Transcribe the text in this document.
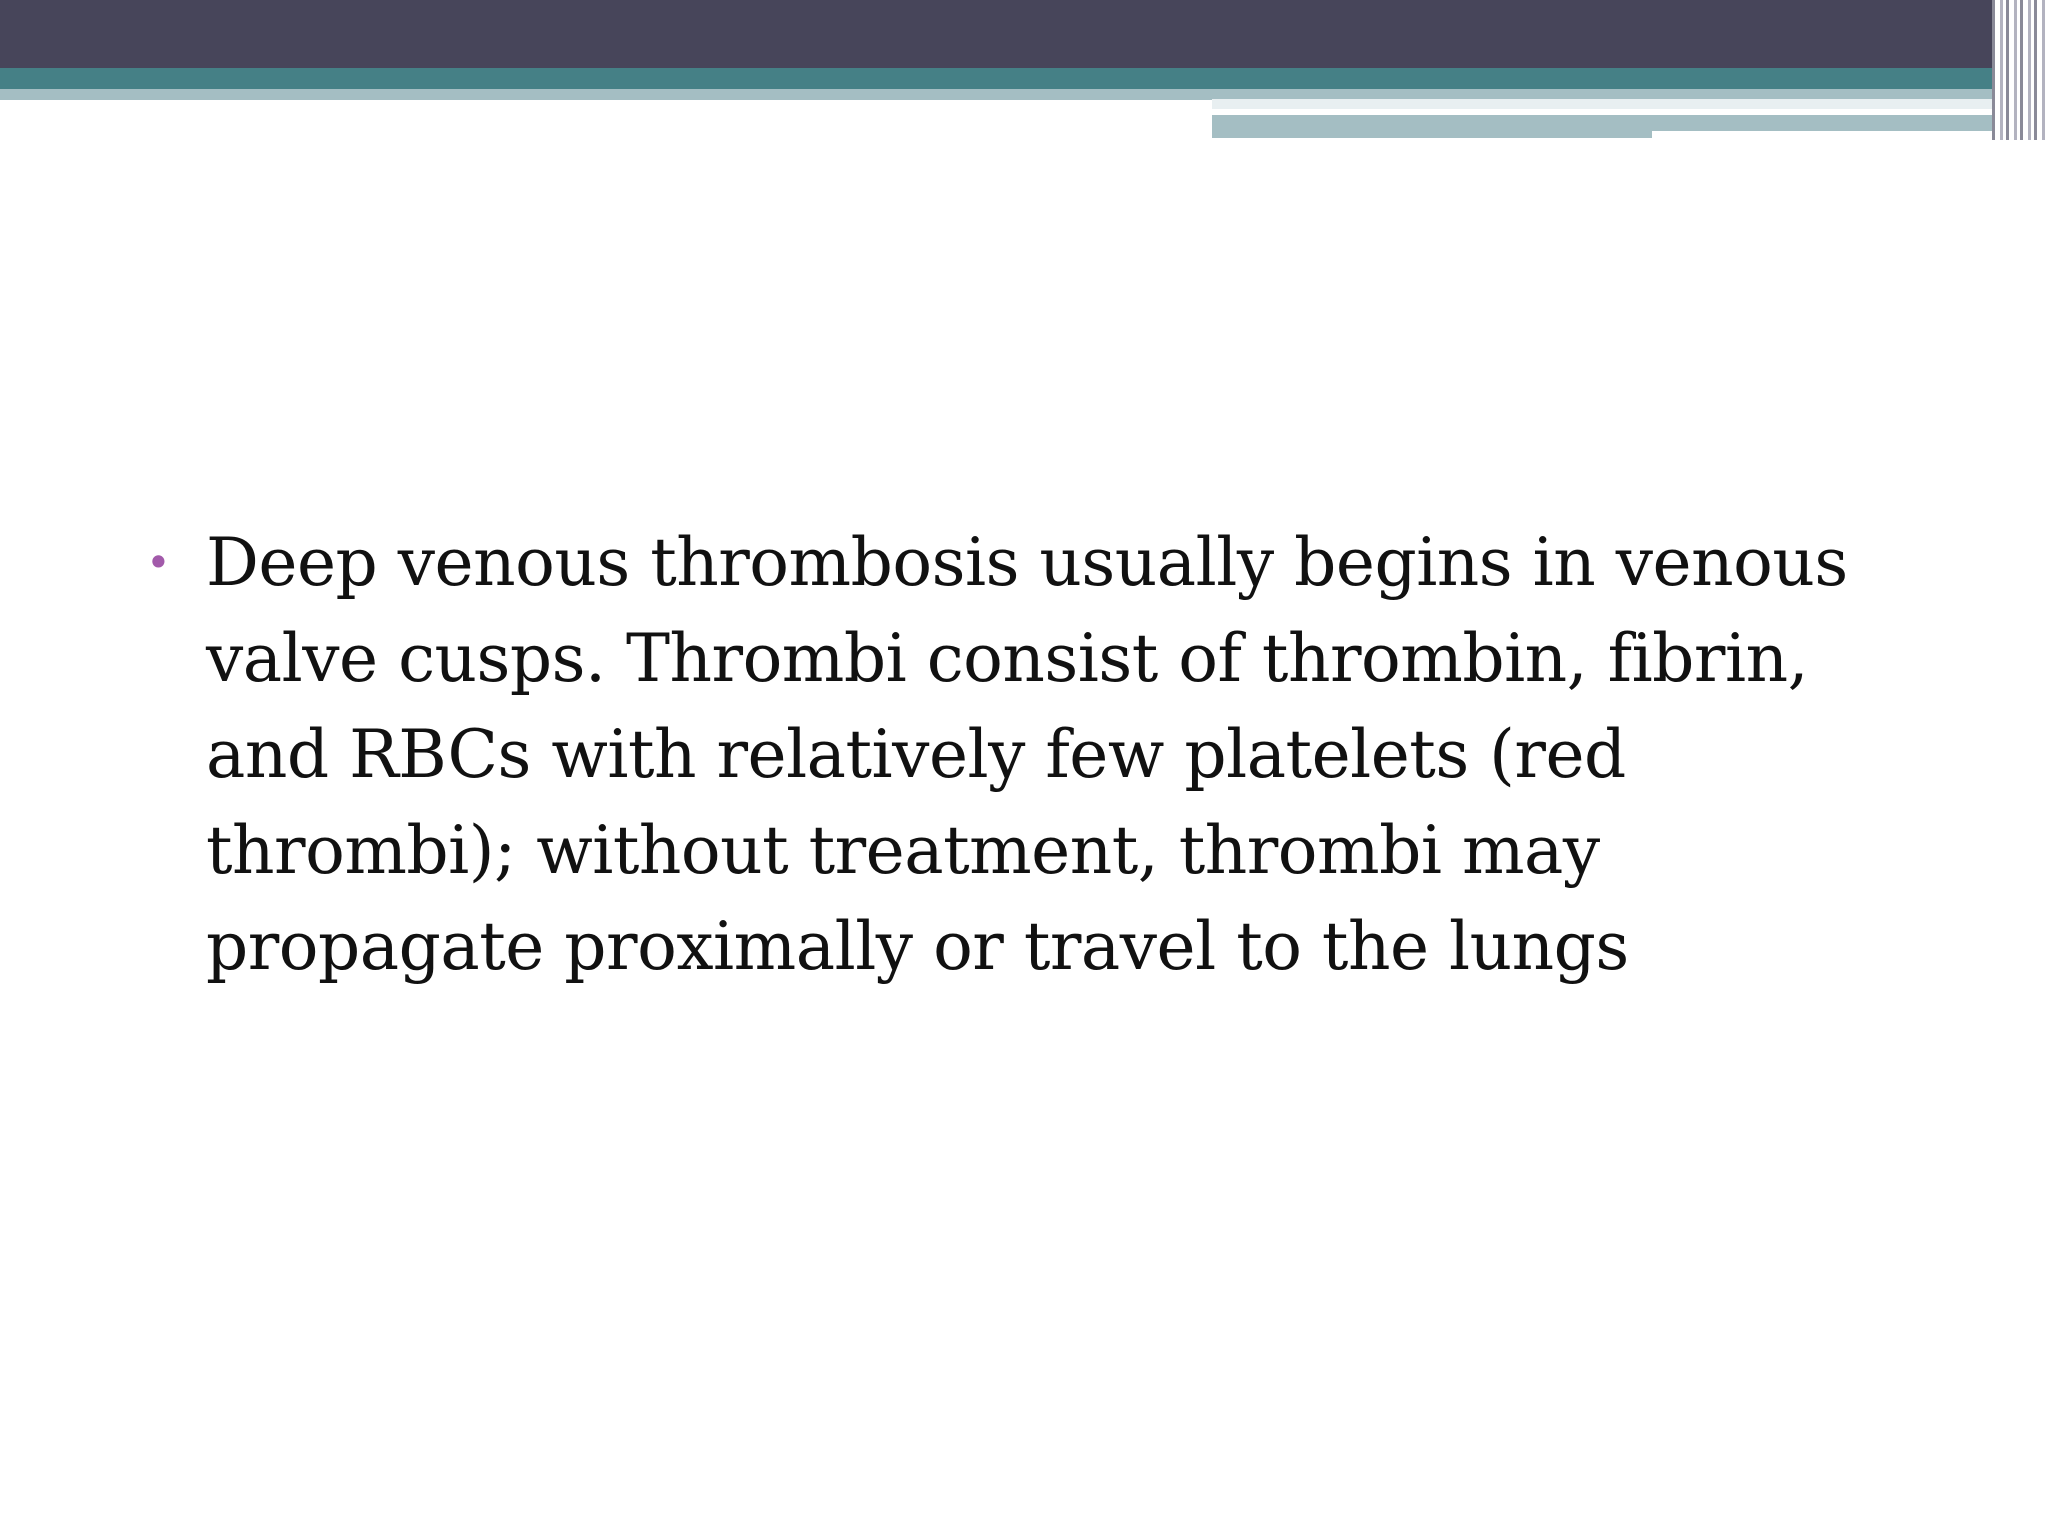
• Deep venous thrombosis usually begins in venous valve cusps. Thrombi consist of thrombin, fibrin, and RBCs with relatively few platelets (red thrombi); without treatment, thrombi may propagate proximally or travel to the lungs
